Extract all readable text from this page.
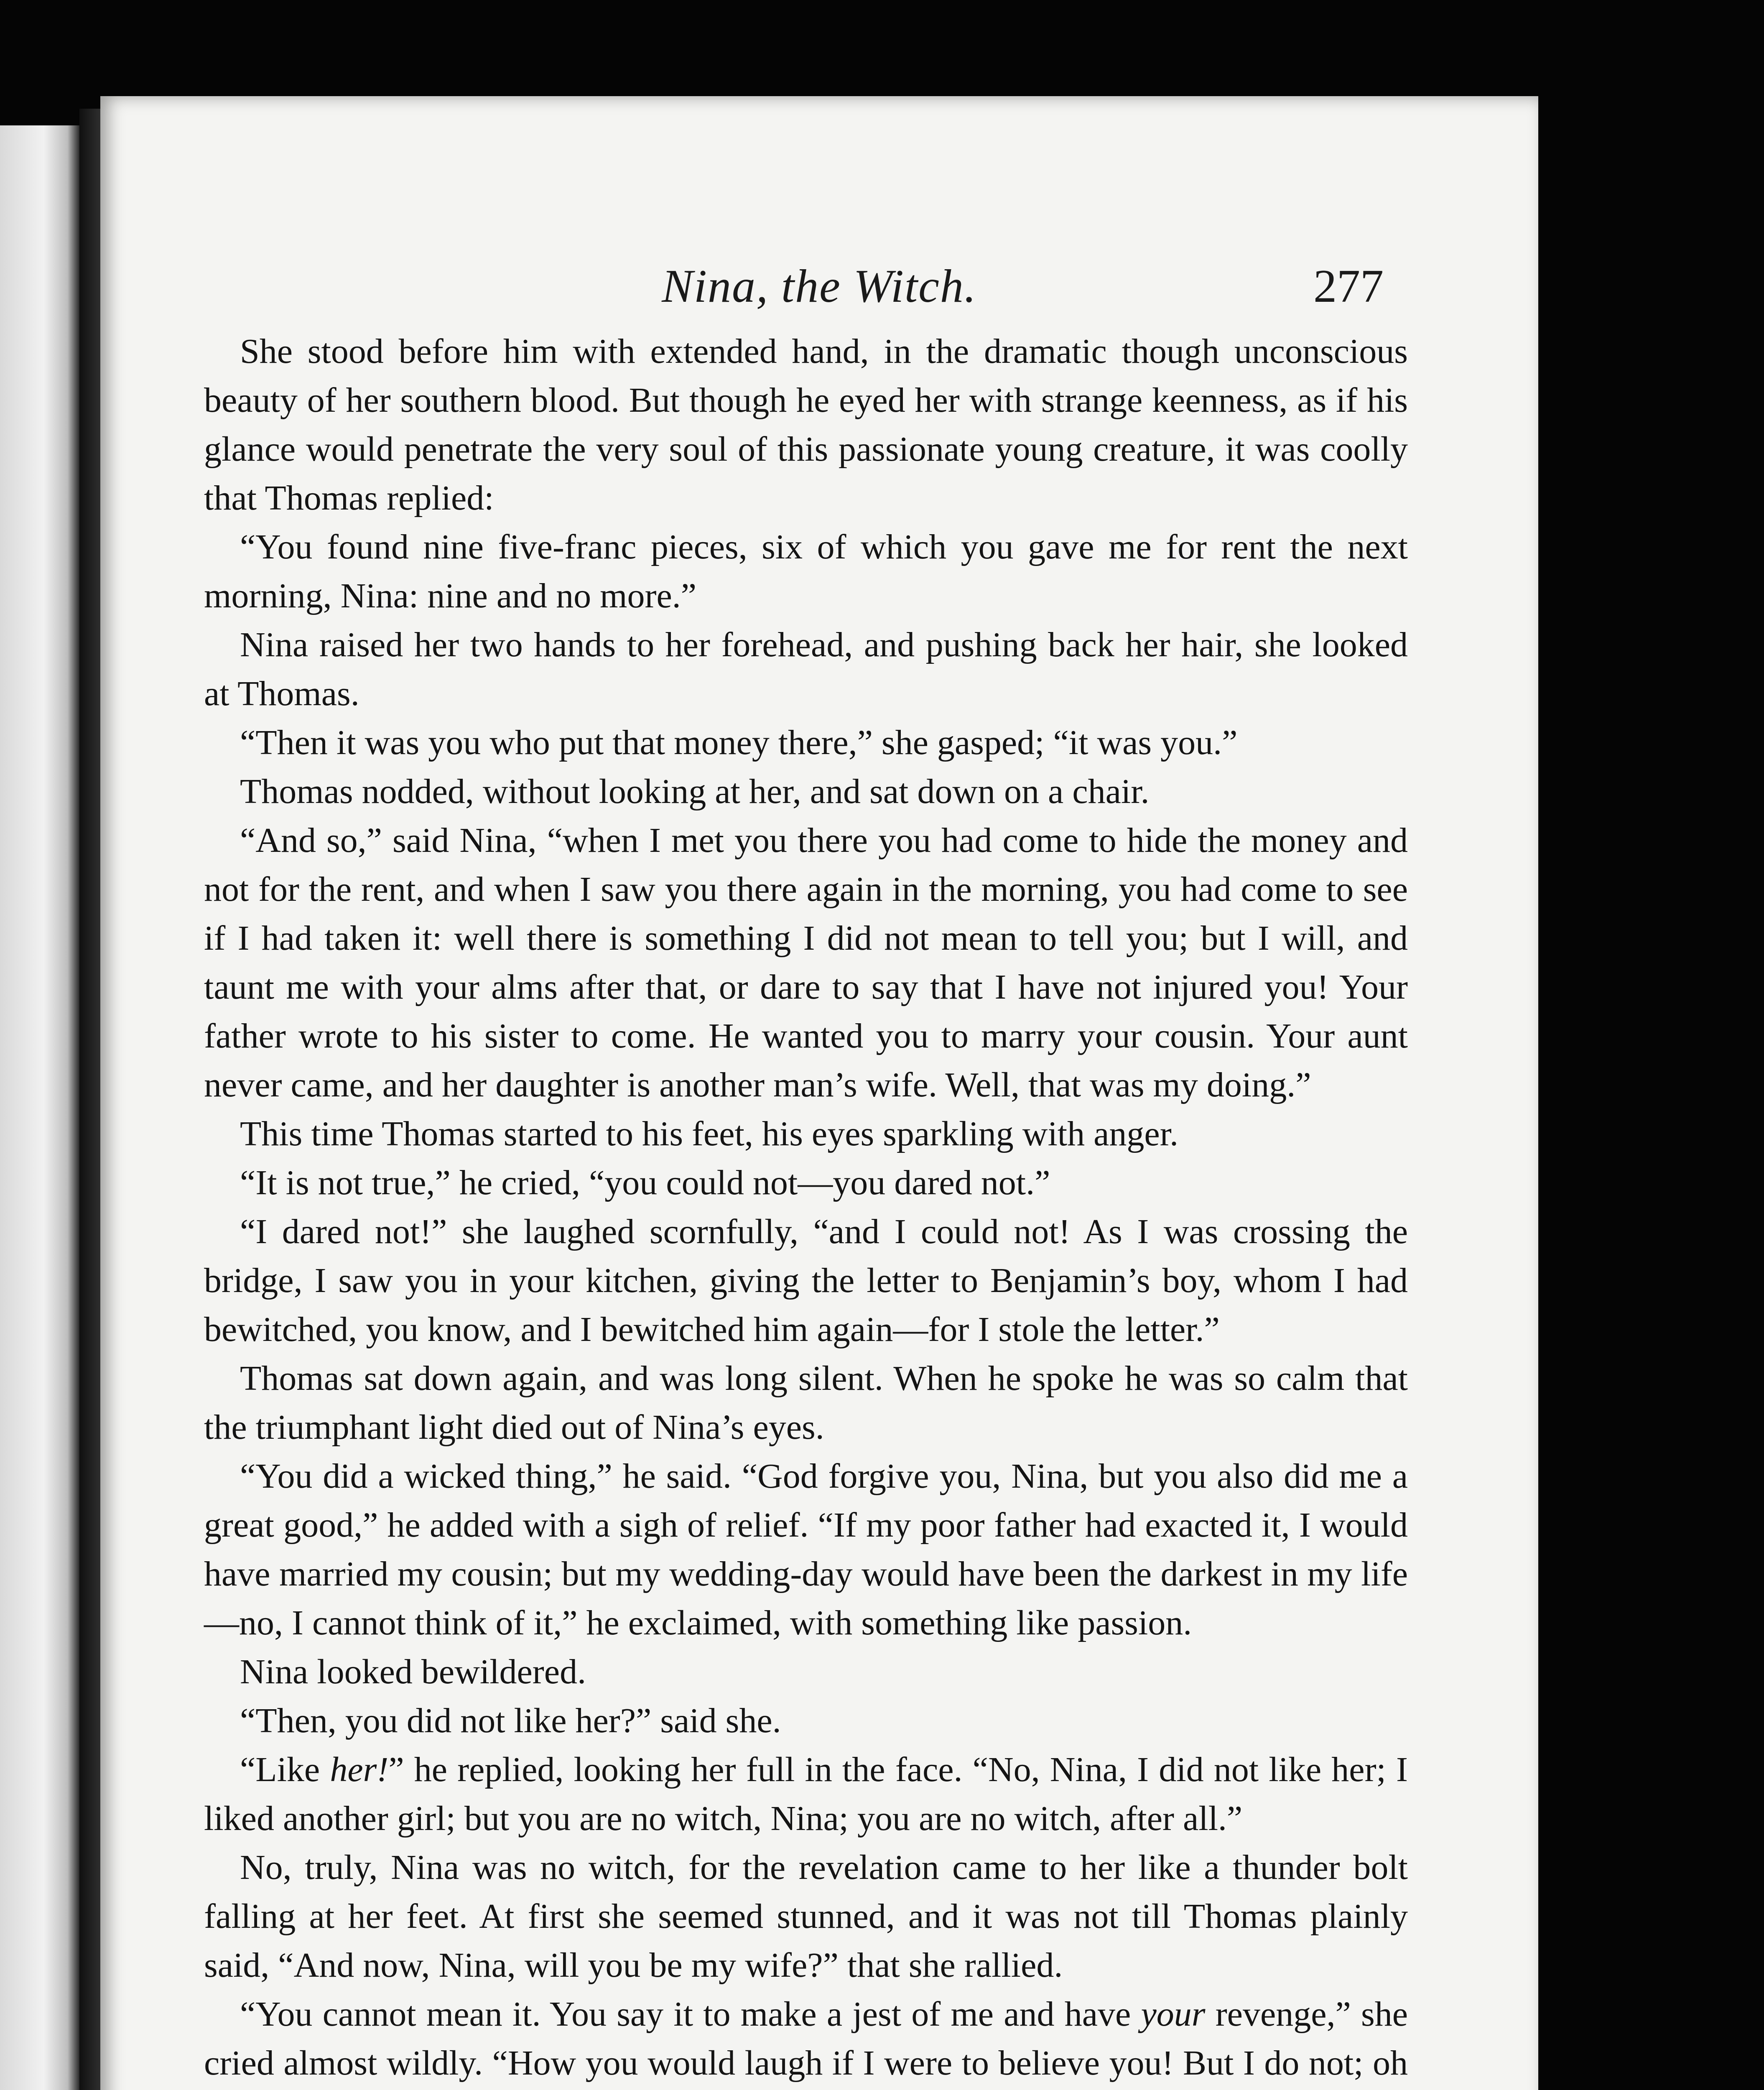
Nina, the Witch.	277

She stood before him with extended hand, in the dramatic though unconscious beauty of her southern blood. But though he eyed her with strange keenness, as if his glance would penetrate the very soul of this passionate young creature, it was coolly that Thomas replied:

“You found nine five-franc pieces, six of which you gave me for rent the next morning, Nina: nine and no more.”

Nina raised her two hands to her forehead, and pushing back her hair, she looked at Thomas.

“Then it was you who put that money there,” she gasped; “it was you.”

Thomas nodded, without looking at her, and sat down on a chair.

“And so,” said Nina, “when I met you there you had come to hide the money and not for the rent, and when I saw you there again in the morning, you had come to see if I had taken it: well there is something I did not mean to tell you; but I will, and taunt me with your alms after that, or dare to say that I have not injured you! Your father wrote to his sister to come. He wanted you to marry your cousin. Your aunt never came, and her daughter is another man’s wife. Well, that was my doing.”

This time Thomas started to his feet, his eyes sparkling with anger.

“It is not true,” he cried, “you could not—you dared not.”

“I dared not!” she laughed scornfully, “and I could not! As I was crossing the bridge, I saw you in your kitchen, giving the letter to Benjamin’s boy, whom I had bewitched, you know, and I bewitched him again—for I stole the letter.”

Thomas sat down again, and was long silent. When he spoke he was so calm that the triumphant light died out of Nina’s eyes.

“You did a wicked thing,” he said. “God forgive you, Nina, but you also did me a great good,” he added with a sigh of relief. “If my poor father had exacted it, I would have married my cousin; but my wedding-day would have been the darkest in my life—no, I cannot think of it,” he exclaimed, with something like passion.

Nina looked bewildered.

“Then, you did not like her?” said she.

“Like her!” he replied, looking her full in the face. “No, Nina, I did not like her; I liked another girl; but you are no witch, Nina; you are no witch, after all.”

No, truly, Nina was no witch, for the revelation came to her like a thunder bolt falling at her feet. At first she seemed stunned, and it was not till Thomas plainly said, “And now, Nina, will you be my wife?” that she rallied.

“You cannot mean it. You say it to make a jest of me and have your revenge,” she cried almost wildly. “How you would laugh if I were to believe you! But I do not; oh
